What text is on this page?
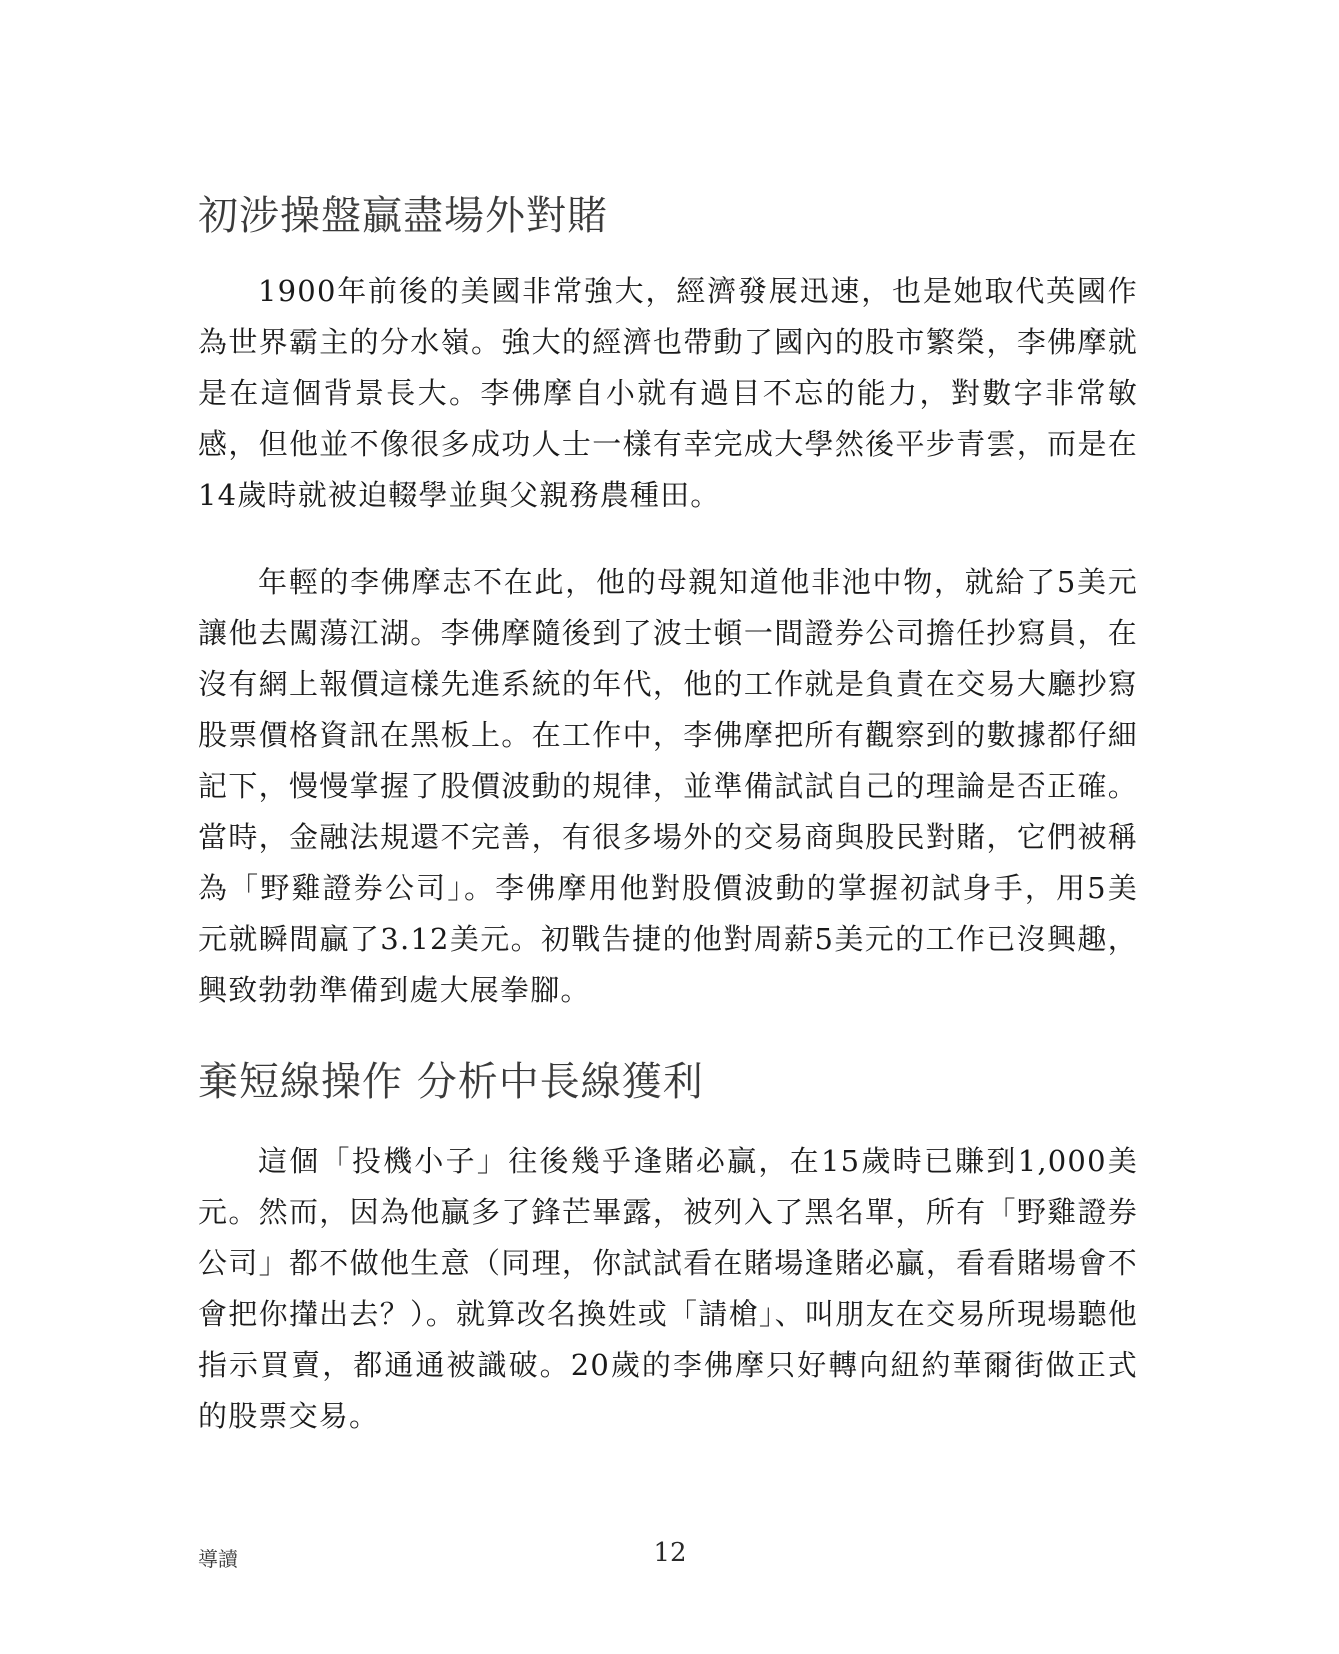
初涉操盤贏盡場外對賭

1900年前後的美國非常強大，經濟發展迅速，也是她取代英國作為世界霸主的分水嶺。強大的經濟也帶動了國內的股市繁榮，李佛摩就是在這個背景長大。李佛摩自小就有過目不忘的能力，對數字非常敏感，但他並不像很多成功人士一樣有幸完成大學然後平步青雲，而是在14歲時就被迫輟學並與父親務農種田。

年輕的李佛摩志不在此，他的母親知道他非池中物，就給了5美元讓他去闖蕩江湖。李佛摩隨後到了波士頓一間證券公司擔任抄寫員，在沒有網上報價這樣先進系統的年代，他的工作就是負責在交易大廳抄寫股票價格資訊在黑板上。在工作中，李佛摩把所有觀察到的數據都仔細記下，慢慢掌握了股價波動的規律，並準備試試自己的理論是否正確。當時，金融法規還不完善，有很多場外的交易商與股民對賭，它們被稱為「野雞證券公司」。李佛摩用他對股價波動的掌握初試身手，用5美元就瞬間贏了3.12美元。初戰告捷的他對周薪5美元的工作已沒興趣，興致勃勃準備到處大展拳腳。

棄短線操作 分析中長線獲利

這個「投機小子」往後幾乎逢賭必贏，在15歲時已賺到1,000美元。然而，因為他贏多了鋒芒畢露，被列入了黑名單，所有「野雞證券公司」都不做他生意（同理，你試試看在賭場逢賭必贏，看看賭場會不會把你攆出去？）。就算改名換姓或「請槍」、叫朋友在交易所現場聽他指示買賣，都通通被識破。20歲的李佛摩只好轉向紐約華爾街做正式的股票交易。

導讀	12
